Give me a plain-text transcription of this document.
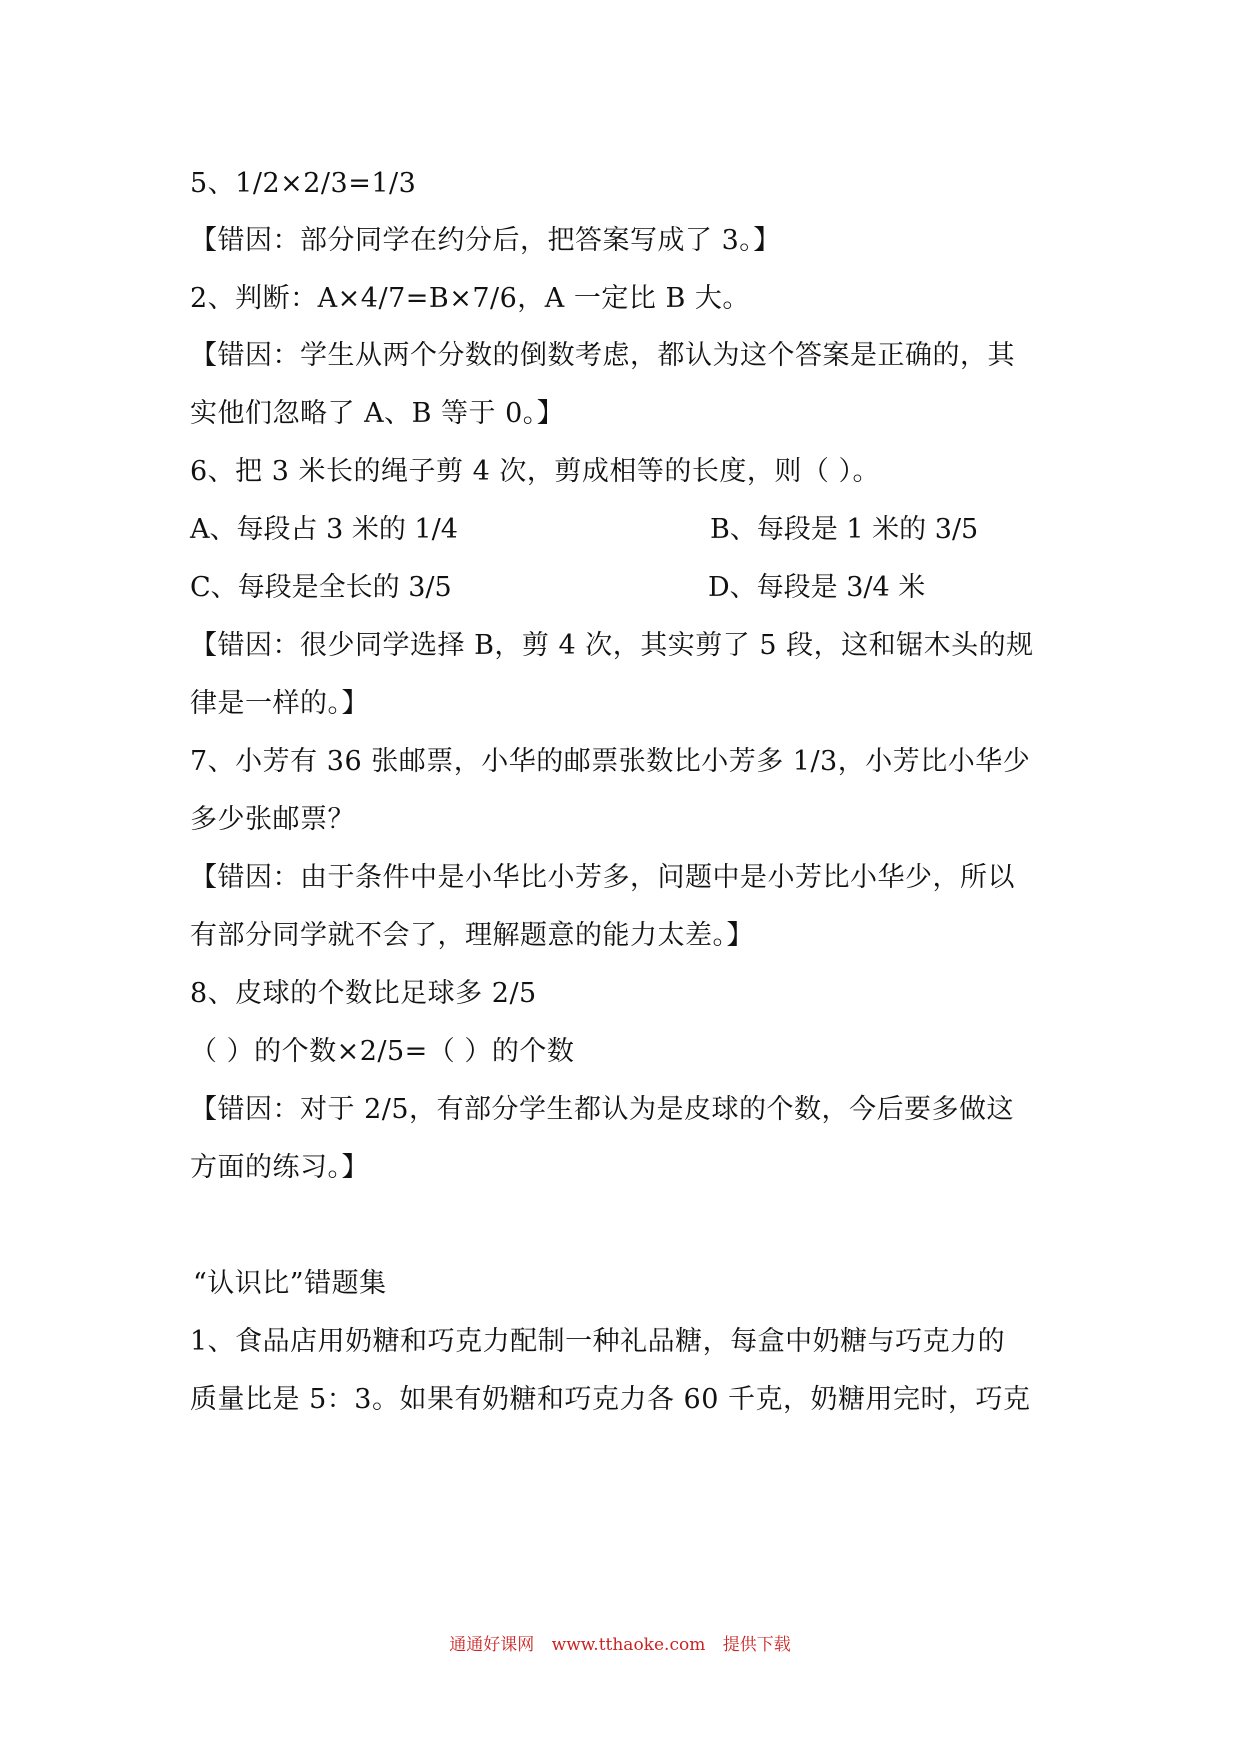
5、1/2×2/3=1/3
【错因：部分同学在约分后，把答案写成了 3。】
2、判断：A×4/7=B×7/6，A 一定比 B 大。
【错因：学生从两个分数的倒数考虑，都认为这个答案是正确的，其
实他们忽略了 A、B 等于 0。】
6、把 3 米长的绳子剪 4 次，剪成相等的长度，则（ ）。
A、每段占 3 米的 1/4	B、每段是 1 米的 3/5
C、每段是全长的 3/5	D、每段是 3/4 米
【错因：很少同学选择 B，剪 4 次，其实剪了 5 段，这和锯木头的规
律是一样的。】
7、小芳有 36 张邮票，小华的邮票张数比小芳多 1/3，小芳比小华少
多少张邮票？
【错因：由于条件中是小华比小芳多，问题中是小芳比小华少，所以
有部分同学就不会了，理解题意的能力太差。】
8、皮球的个数比足球多 2/5
（ ）的个数×2/5=（ ）的个数
【错因：对于 2/5，有部分学生都认为是皮球的个数，今后要多做这
方面的练习。】
“认识比”错题集
1、食品店用奶糖和巧克力配制一种礼品糖，每盒中奶糖与巧克力的
质量比是 5：3。如果有奶糖和巧克力各 60 千克，奶糖用完时，巧克
通通好课网 www.tthaoke.com 提供下载
